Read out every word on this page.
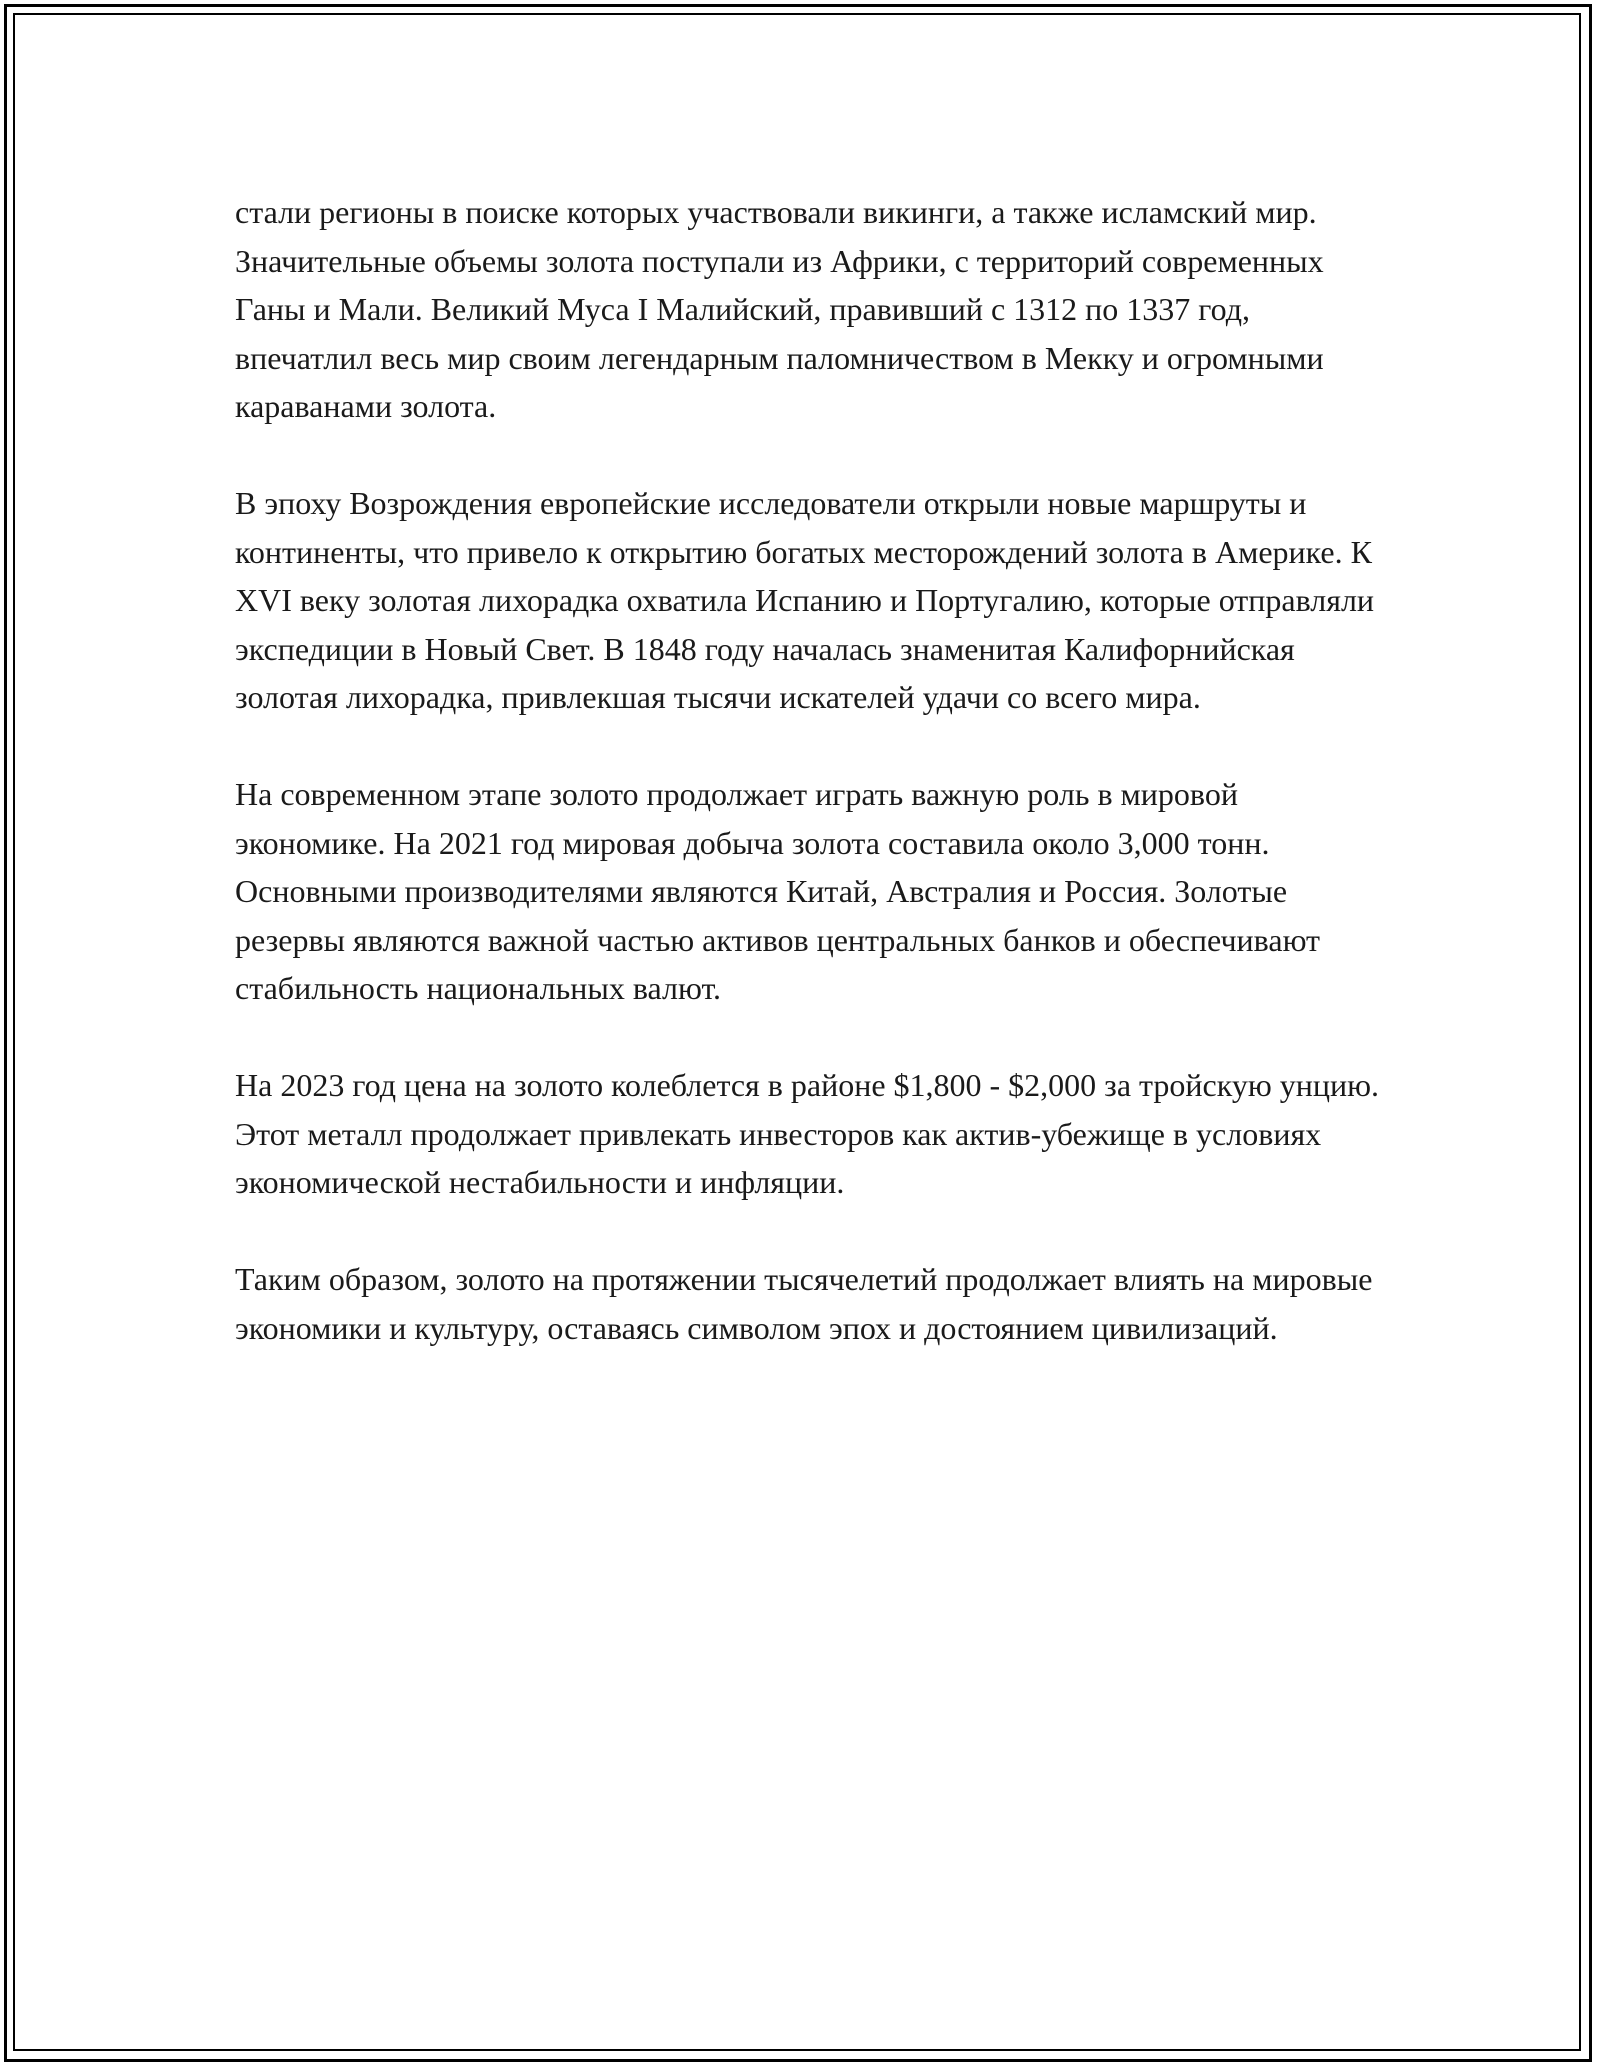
стали регионы в поиске которых участвовали викинги, а также исламский мир. Значительные объемы золота поступали из Африки, с территорий современных Ганы и Мали. Великий Муса I Малийский, правивший с 1312 по 1337 год, впечатлил весь мир своим легендарным паломничеством в Мекку и огромными караванами золота.

В эпоху Возрождения европейские исследователи открыли новые маршруты и континенты, что привело к открытию богатых месторождений золота в Америке. К XVI веку золотая лихорадка охватила Испанию и Португалию, которые отправляли экспедиции в Новый Свет. В 1848 году началась знаменитая Калифорнийская золотая лихорадка, привлекшая тысячи искателей удачи со всего мира.

На современном этапе золото продолжает играть важную роль в мировой экономике. На 2021 год мировая добыча золота составила около 3,000 тонн. Основными производителями являются Китай, Австралия и Россия. Золотые резервы являются важной частью активов центральных банков и обеспечивают стабильность национальных валют.

На 2023 год цена на золото колеблется в районе $1,800 - $2,000 за тройскую унцию. Этот металл продолжает привлекать инвесторов как актив-убежище в условиях экономической нестабильности и инфляции.

Таким образом, золото на протяжении тысячелетий продолжает влиять на мировые экономики и культуру, оставаясь символом эпох и достоянием цивилизаций.
